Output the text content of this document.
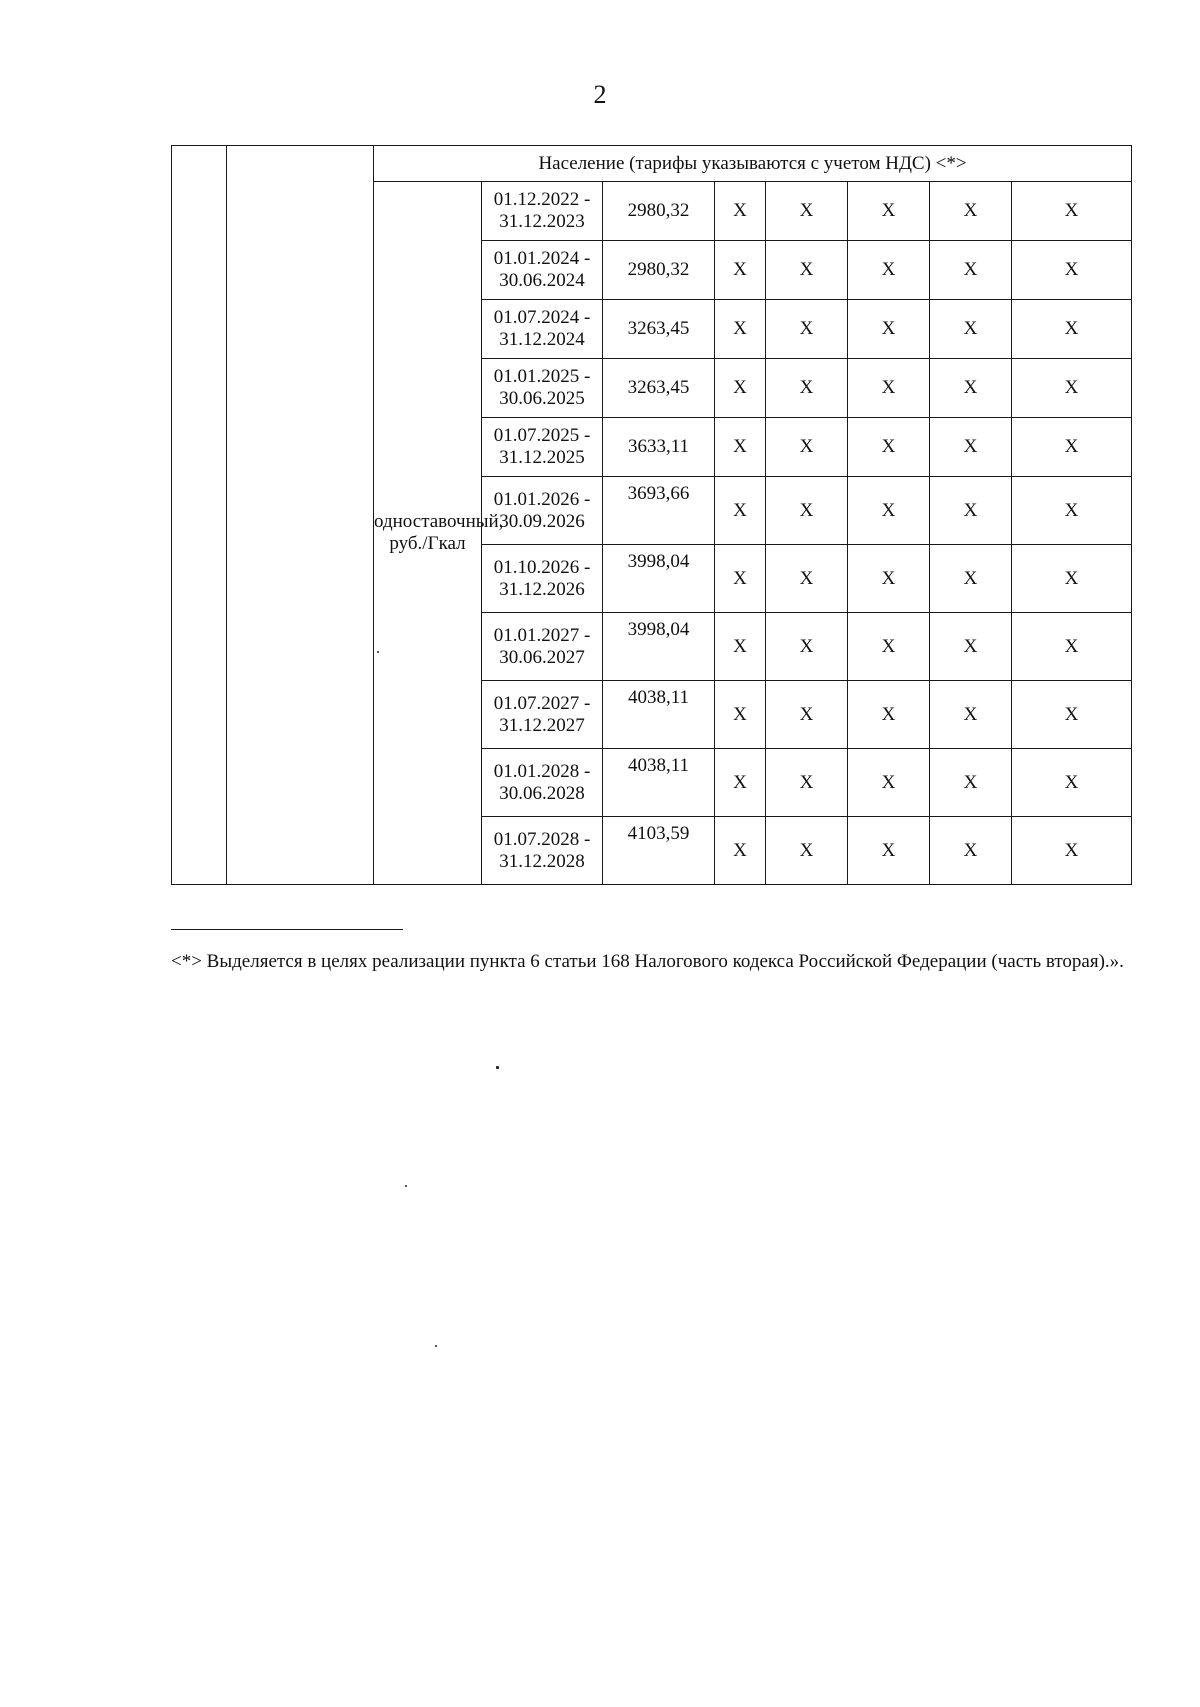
2
		Население (тарифы указываются с учетом НДС) <*>							
		одноставочный, руб./Гкал	01.12.2022 - 31.12.2023	2980,32	X	X	X	X	X
			01.01.2024 - 30.06.2024	2980,32	X	X	X	X	X
			01.07.2024 - 31.12.2024	3263,45	X	X	X	X	X
			01.01.2025 - 30.06.2025	3263,45	X	X	X	X	X
			01.07.2025 - 31.12.2025	3633,11	X	X	X	X	X
			01.01.2026 - 30.09.2026	3693,66	X	X	X	X	X
			01.10.2026 - 31.12.2026	3998,04	X	X	X	X	X
			01.01.2027 - 30.06.2027	3998,04	X	X	X	X	X
			01.07.2027 - 31.12.2027	4038,11	X	X	X	X	X
			01.01.2028 - 30.06.2028	4038,11	X	X	X	X	X
			01.07.2028 - 31.12.2028	4103,59	X	X	X	X	X
<*> Выделяется в целях реализации пункта 6 статьи 168 Налогового кодекса Российской Федерации (часть вторая).».
